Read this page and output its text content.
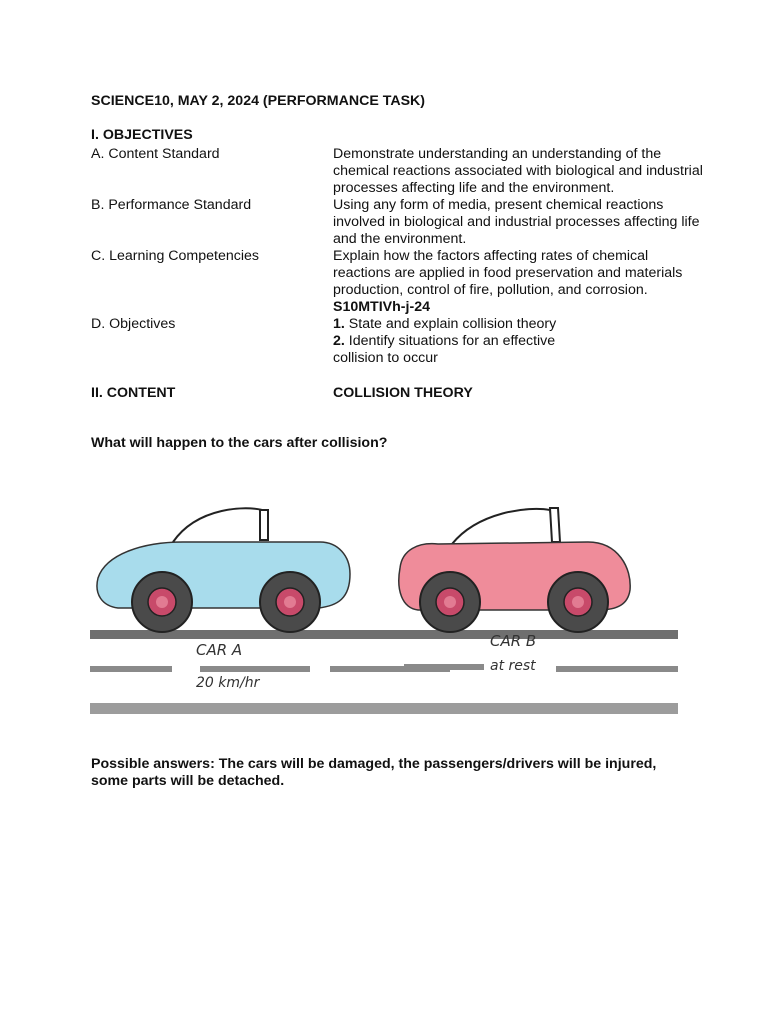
SCIENCE10, MAY 2, 2024 (PERFORMANCE TASK)
I. OBJECTIVES
A. Content Standard	Demonstrate understanding an understanding of the

chemical reactions associated with biological and industrial

processes affecting life and the environment.

B. Performance Standard	Using any form of media, present chemical reactions

involved in biological and industrial processes affecting life

and the environment.

C. Learning Competencies	Explain how the factors affecting rates of chemical

reactions are applied in food preservation and materials

production, control of fire, pollution, and corrosion.

S10MTIVh-j-24

D. Objectives	1. State and explain collision theory

2. Identify situations for an effective

collision to occur

II. CONTENT	COLLISION THEORY
What will happen to the cars after collision?
CAR A
20 km/hr
CAR B
at rest
Possible answers: The cars will be damaged, the passengers/drivers will be injured, some parts will be detached.
